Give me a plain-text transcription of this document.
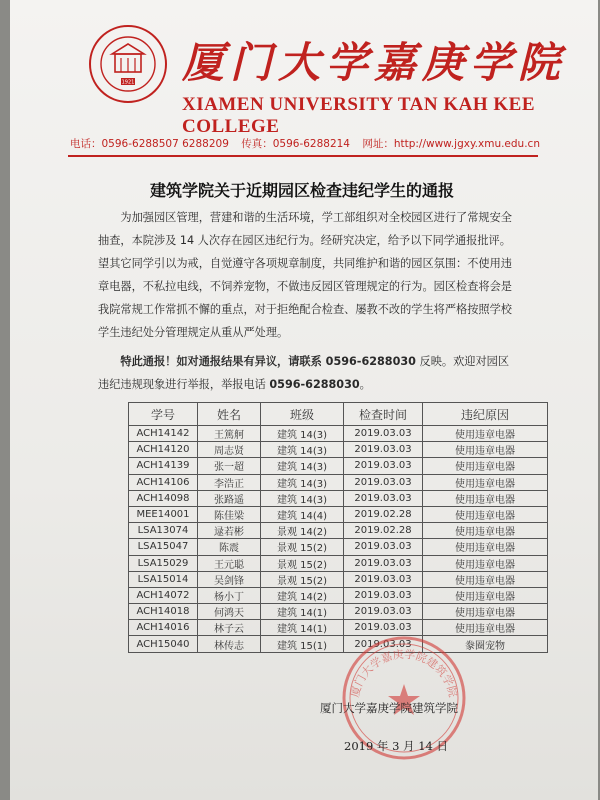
1921 厦门大学嘉庚学院
XIAMEN UNIVERSITY TAN KAH KEE COLLEGE
电话：0596-6288507 6288209 传真：0596-6288214 网址：http://www.jgxy.xmu.edu.cn
建筑学院关于近期园区检查违纪学生的通报

为加强园区管理，营建和谐的生活环境，学工部组织对全校园区进行了常规安全抽查，本院涉及 14 人次存在园区违纪行为。经研究决定，给予以下同学通报批评。望其它同学引以为戒，自觉遵守各项规章制度，共同维护和谐的园区氛围：不使用违章电器，不私拉电线，不饲养宠物，不做违反园区管理规定的行为。园区检查将会是我院常规工作常抓不懈的重点，对于拒绝配合检查、屡教不改的学生将严格按照学校学生违纪处分管理规定从重从严处理。

特此通报！如对通报结果有异议，请联系 0596-6288030 反映。欢迎对园区违纪违规现象进行举报，举报电话 0596-6288030。

学号	姓名	班级	检查时间	违纪原因
ACH14142	王篤舸	建筑 14(3)	2019.03.03	使用违章电器
ACH14120	周志贤	建筑 14(3)	2019.03.03	使用违章电器
ACH14139	张一超	建筑 14(3)	2019.03.03	使用违章电器
ACH14106	李浩正	建筑 14(3)	2019.03.03	使用违章电器
ACH14098	张路遥	建筑 14(3)	2019.03.03	使用违章电器
MEE14001	陈佳梁	建筑 14(4)	2019.02.28	使用违章电器
LSA13074	逯若彬	景观 14(2)	2019.02.28	使用违章电器
LSA15047	陈震	景观 15(2)	2019.03.03	使用违章电器
LSA15029	王元聪	景观 15(2)	2019.03.03	使用违章电器
LSA15014	吴剑锋	景观 15(2)	2019.03.03	使用违章电器
ACH14072	杨小丁	建筑 14(2)	2019.03.03	使用违章电器
ACH14018	何鸿天	建筑 14(1)	2019.03.03	使用违章电器
ACH14016	林子云	建筑 14(1)	2019.03.03	使用违章电器
ACH15040	林传志	建筑 15(1)	2019.03.03	豢圈宠物
厦门大学嘉庚学院建筑学院
厦门大学嘉庚学院建筑学院
2019 年 3 月 14 日
